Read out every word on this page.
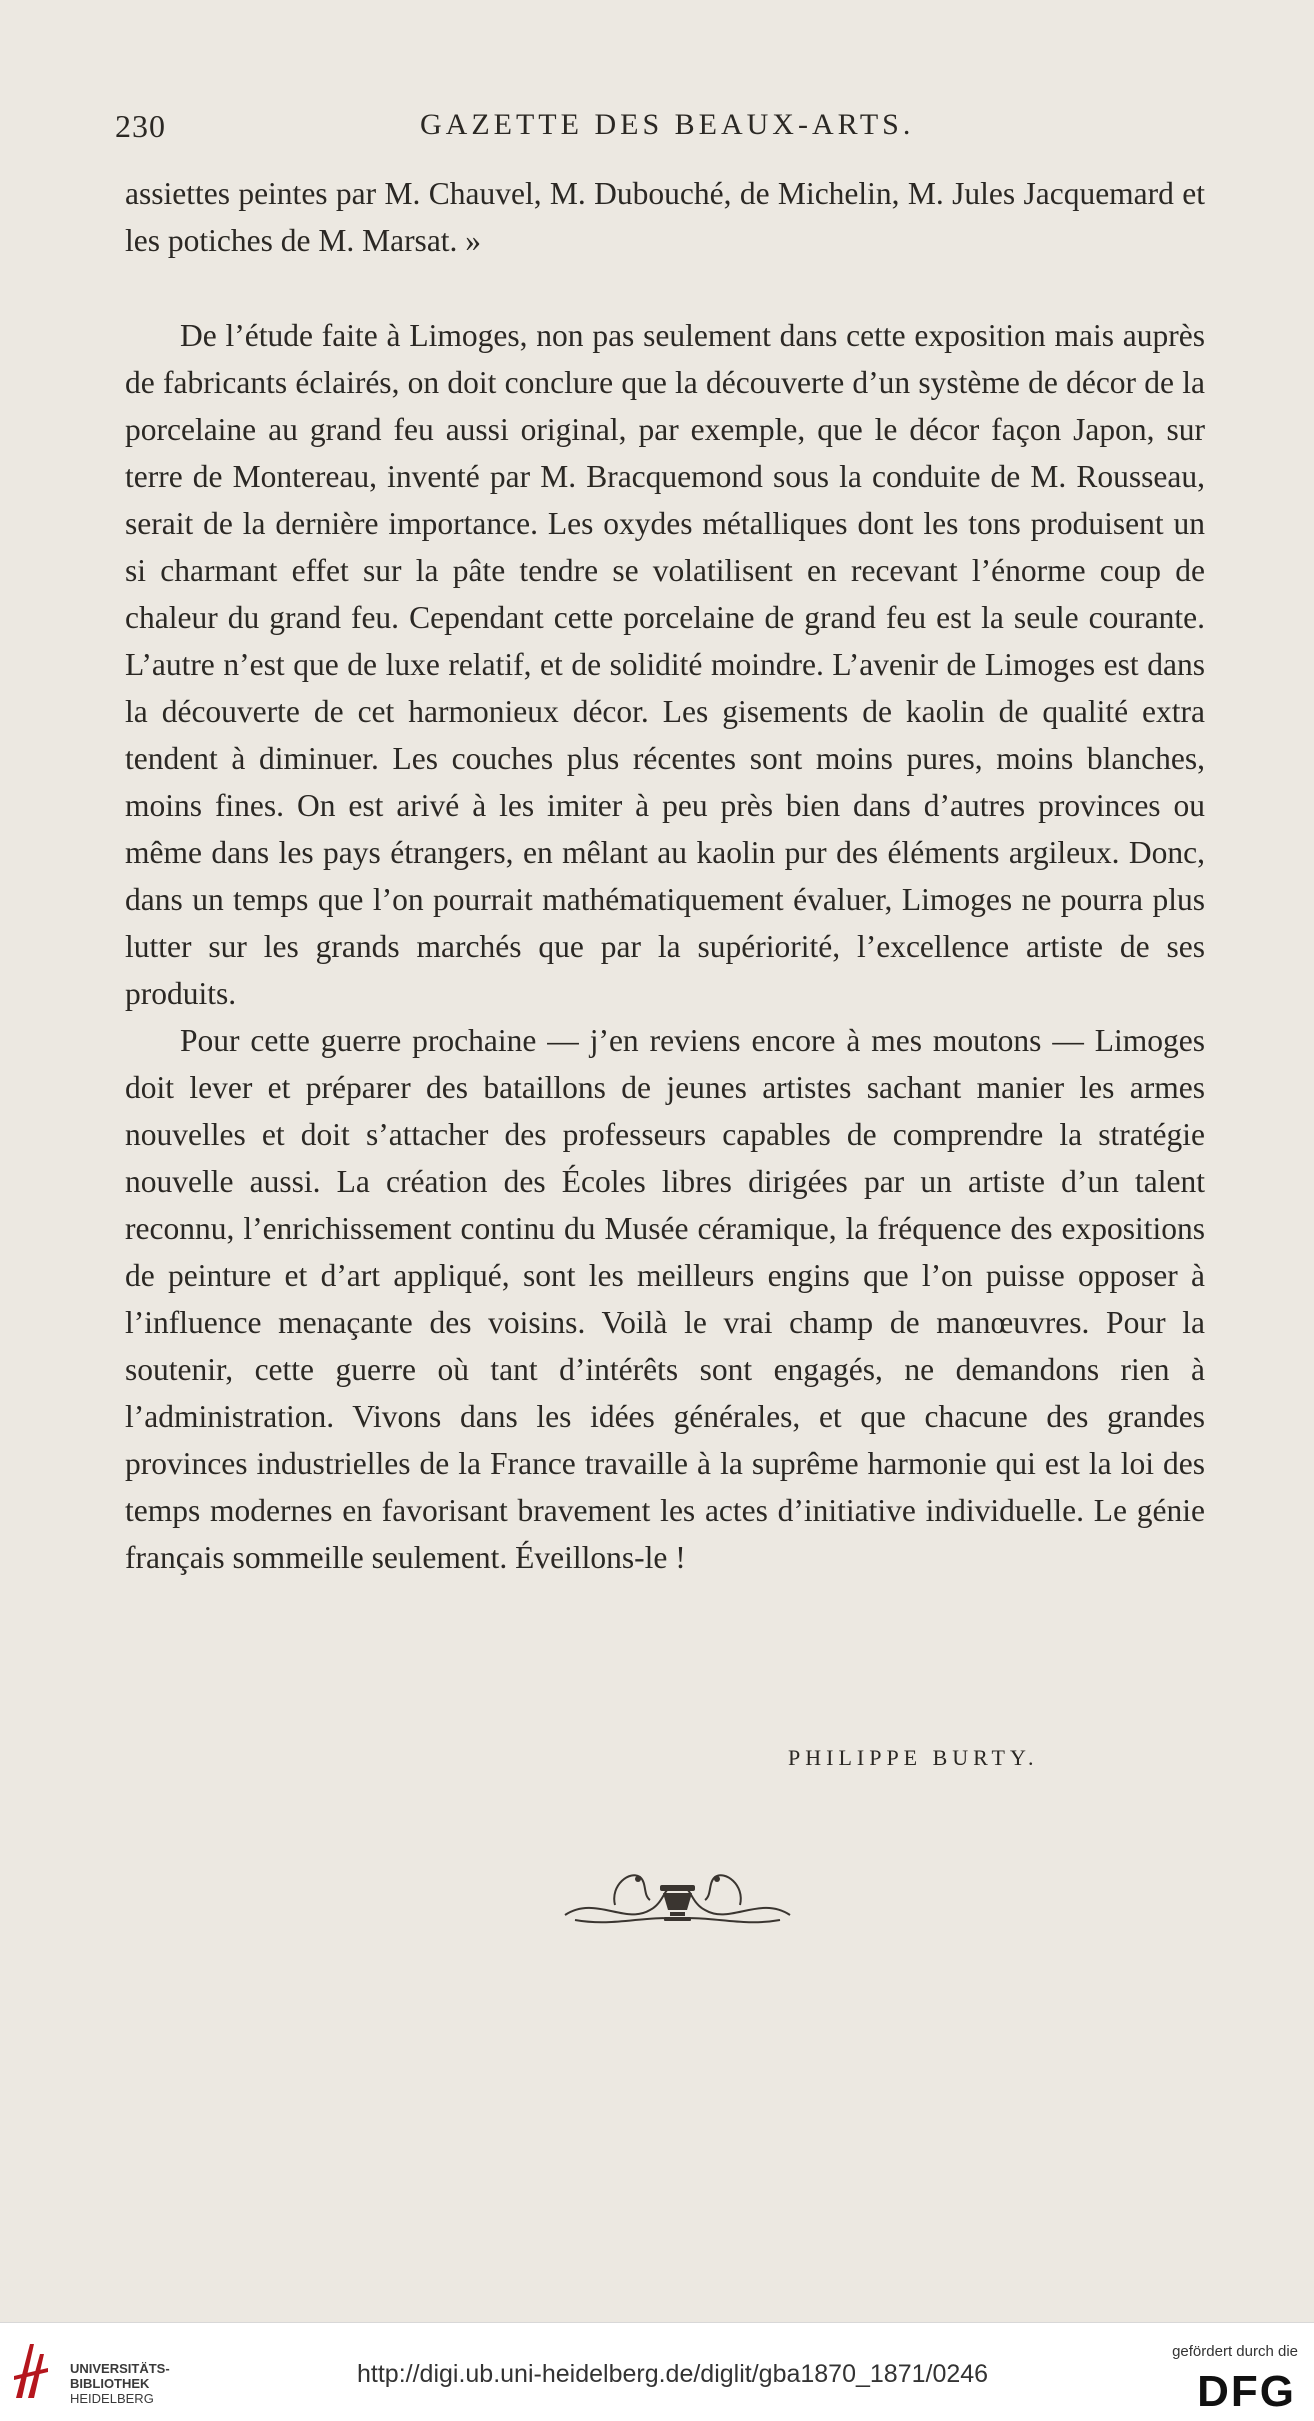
230	GAZETTE DES BEAUX-ARTS.

assiettes peintes par M. Chauvel, M. Dubouché, de Michelin, M. Jules Jacquemard et les potiches de M. Marsat. »

De l’étude faite à Limoges, non pas seulement dans cette exposition mais auprès de fabricants éclairés, on doit conclure que la découverte d’un système de décor de la porcelaine au grand feu aussi original, par exemple, que le décor façon Japon, sur terre de Montereau, inventé par M. Bracquemond sous la conduite de M. Rousseau, serait de la dernière importance. Les oxydes métalliques dont les tons produisent un si charmant effet sur la pâte tendre se volatilisent en recevant l’énorme coup de chaleur du grand feu. Cependant cette porcelaine de grand feu est la seule courante. L’autre n’est que de luxe relatif, et de solidité moindre. L’avenir de Limoges est dans la découverte de cet harmonieux décor. Les gisements de kaolin de qualité extra tendent à diminuer. Les couches plus récentes sont moins pures, moins blanches, moins fines. On est arivé à les imiter à peu près bien dans d’autres provinces ou même dans les pays étrangers, en mêlant au kaolin pur des éléments argileux. Donc, dans un temps que l’on pourrait mathématiquement évaluer, Limoges ne pourra plus lutter sur les grands marchés que par la supériorité, l’excellence artiste de ses produits.

Pour cette guerre prochaine — j’en reviens encore à mes moutons — Limoges doit lever et préparer des bataillons de jeunes artistes sachant manier les armes nouvelles et doit s’attacher des professeurs capables de comprendre la stratégie nouvelle aussi. La création des Écoles libres dirigées par un artiste d’un talent reconnu, l’enrichissement continu du Musée céramique, la fréquence des expositions de peinture et d’art appliqué, sont les meilleurs engins que l’on puisse opposer à l’influence menaçante des voisins. Voilà le vrai champ de manœuvres. Pour la soutenir, cette guerre où tant d’intérêts sont engagés, ne demandons rien à l’administration. Vivons dans les idées générales, et que chacune des grandes provinces industrielles de la France travaille à la suprême harmonie qui est la loi des temps modernes en favorisant bravement les actes d’initiative individuelle. Le génie français sommeille seulement. Éveillons-le !

PHILIPPE BURTY.
UNIVERSITÄTS-
BIBLIOTHEK
HEIDELBERG
http://digi.ub.uni-heidelberg.de/diglit/gba1870_1871/0246
gefördert durch die
DFG
